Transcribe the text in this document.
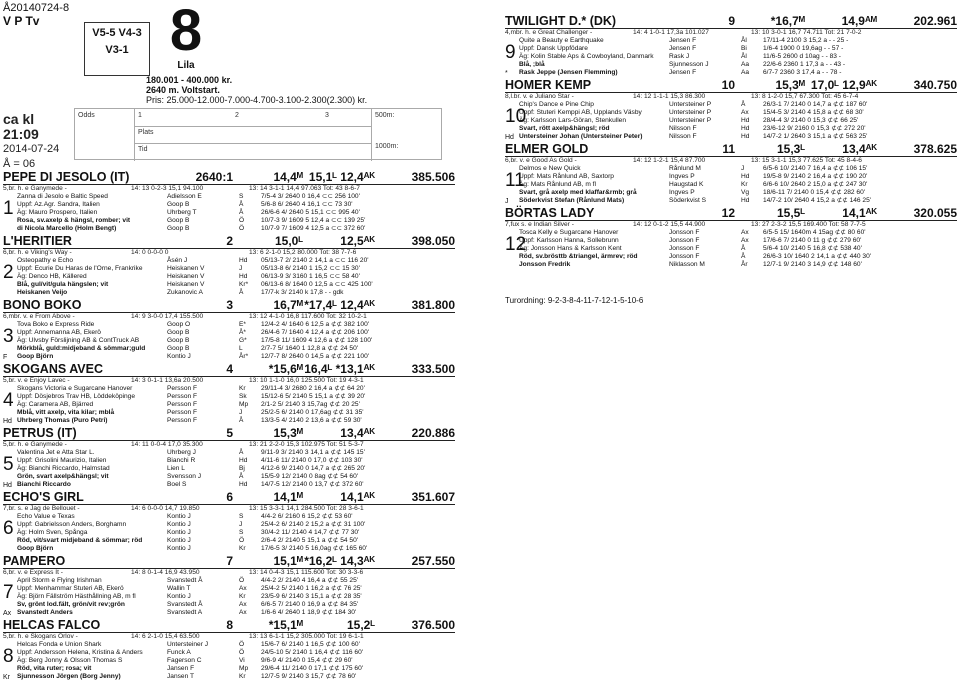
Å20140724-8
V P Tv
V5-5 V4-3
V3-1 8
Lila
180.001 - 400.000 kr.
2640 m. Voltstart.
Pris: 25.000-12.000-7.000-4.700-3.100-2.300(2.300) kr.
ca kl 21:09
2014-07-24
Å = 06
Odds	1
Plats
Tid
2	3	500m:
1000m:
PEPE DI JESOLO (IT)	2640:1	14,4ᴹ 15,1ᴸ 12,4ᴬᴷ	385.506
5,br. h. e Ganymede -	14: 13 0-2-3 15,1 94.100	13: 14 3-1-1 14,4 97.063 Tot: 43 8-6-7
1
Zanna di Jesolo e Baltic Speed	Adielsson E	S	7/5-4 3/ 2640 0 16,4 ⊂⊂ 256 100'
Uppf: Az.Agr. Sandra, Italien	Goop B	Å	5/6-8 6/ 2640 4 16,1 ⊂⊂ 73 30'
Äg: Mauro Prospero, Italien	Uhrberg T	Å	26/6-6 4/ 2640 5 15,1 ⊂⊂ 995 40'
Rosa, sv.axelp & hängsl, romber; vit	Goop B	Ö	10/7-3 9/ 1609 5 12,4 a ⊂⊂ 139 25'
di Nicola Marcello (Holm Bengt)	Goop B	Ö	10/7-9 7/ 1609 4 12,5 a ⊂⊂ 372 60'
L'HERITIER	2	15,0ᴸ	12,5ᴬᴷ	398.050
6,br. h. e Viking's Way -	14: 0 0-0-0 0	13: 6 2-1-0 15,2 80.000 Tot: 38 7-7-6
2
Osteopathy e Echo	Åsén J	Hd	05/13-7 2/ 2140 2 14,1 a ⊂⊂ 116 20'
Uppf: Ecurie Du Haras de l'Orne, Frankrike	Heiskanen V	J	05/13-8 6/ 2140 1 15,2 ⊂⊂ 15 30'
Äg: Denco HB, Källered	Heiskanen V	Hd	06/13-9 3/ 3160 1 16,5 ⊂⊂ 58 40'
Blå, gul/vit/gula hängslen; vit	Heiskanen V	Kr*	06/13-6 8/ 1640 0 12,5 a ⊂⊂ 425 100'
Heiskanen Veijo	Zukanovic A	Å	17/7-k 3/ 2140 k 17,8 - - gdk
BONO BOKO	3	16,7ᴹ *17,4ᴸ 12,4ᴬᴷ	381.800
6,mbr. v. e From Above -	14: 9 3-0-0 17,4 155.500	13: 12 4-1-0 16,8 117.600 Tot: 32 10-2-1
3
F
Tova Boko e Express Ride	Goop O	E*	12/4-2 4/ 1640 6 12,5 a ⊄⊄ 382 100'
Uppf: Annemanna AB, Ekerö	Goop B	Å*	26/4-6 7/ 1640 4 12,4 a ⊄⊄ 206 100'
Äg: Ulvsby Förslijning AB & ContTruck AB	Goop B	G*	17/5-8 11/ 1609 4 12,6 a ⊄⊄ 128 100'
Mörkblå, guld:midjeband & sömmar;guld	Goop B	L	2/7-7 5/ 1640 1 12,8 a ⊄⊄ 24 50'
Goop Björn	Kontio J	År*	12/7-7 8/ 2640 0 14,5 a ⊄⊄ 221 100'
SKOGANS AVEC	4	*15,6ᴹ 16,4ᴸ *13,1ᴬᴷ	333.500
5,br. v. e Enjoy Lavec -	14: 3 0-1-1 13,6a 20.500	13: 10 1-1-0 16,0 125.500 Tot: 19 4-3-1
4
Hd
Skogans Victoria e Sugarcane Hanover	Persson F	Kr	29/11-4 3/ 2680 2 16,4 a ⊄⊄ 64 20'
Uppf: Dösjebros Trav HB, Löddeköpinge	Persson F	Sk	15/12-6 5/ 2140 5 15,1 a ⊄⊄ 39 20'
Äg: Caramera AB, Bjärred	Persson F	Mp	2/1-2 5/ 2140 3 15,7ag ⊄⊄ 20 25'
Mblå, vitt axelp, vita kilar; mblå	Persson F	J	25/2-5 6/ 2140 0 17,6ag ⊄⊄ 31 35'
Uhrberg Thomas (Puro Petri)	Persson F	Å	13/3-5 4/ 2140 2 13,6 a ⊄⊄ 59 30'
PETRUS (IT)	5	15,3ᴹ	13,4ᴬᴷ	220.886
5,br. h. e Ganymede -	14: 11 0-0-4 17,0 35.300	13: 21 2-2-0 15,3 102.975 Tot: 51 5-3-7
5
Hd
Valentina Jet e Atta Star L.	Uhrberg J	Å	9/11-9 3/ 2140 3 14,1 a ⊄⊄ 145 15'
Uppf: Grisolini Maurizio, Italien	Bianchi R	Hd	4/11-6 11/ 2140 0 17,0 ⊄⊄ 103 30'
Äg: Bianchi Riccardo, Halmstad	Lien L	Bj	4/12-6 9/ 2140 0 14,7 a ⊄⊄ 265 20'
Grön, svart axelp&hängsl; vit	Svensson J	Å	15/5-9 12/ 2140 0 8ag ⊄⊄ 54 60'
Bianchi Riccardo	Boel S	Hd	14/7-5 12/ 2140 0 13,7 ⊄⊄ 372 60'
ECHO'S GIRL	6	14,1ᴹ	14,1ᴬᴷ	351.607
7,br. s. e Jag de Bellouet -	14: 6 0-0-0 14,7 19.850	13: 15 3-3-1 14,1 284.500 Tot: 28 3-6-1
6
Echo Value e Texas	Kontio J	S	4/4-2 6/ 2160 6 15,2 ⊄⊄ 53 60'
Uppf: Gabrielsson Anders, Borghamn	Kontio J	J	25/4-2 6/ 2140 2 15,2 a ⊄⊄ 31 100'
Äg: Holm Sven, Spånga	Kontio J	S	30/4-2 11/ 2140 4 14,7 ⊄⊄ 77 30'
Röd, vit/svart midjeband & sömmar; röd	Kontio J	Ö	2/6-4 2/ 2140 5 15,1 a ⊄⊄ 54 50'
Goop Björn	Kontio J	Kr	17/6-5 3/ 2140 5 16,0ag ⊄⊄ 165 60'
PAMPERO	7	15,1ᴹ *16,2ᴸ 14,3ᴬᴷ	257.550
6,br. v. e Express It -	14: 8 0-1-4 16,9 43.950	13: 14 0-4-3 15,1 115.600 Tot: 30 3-3-6
7
Ax
April Storm e Flying Irishman	Svanstedt Å	Ö	4/4-2 2/ 2140 4 16,4 a ⊄⊄ 55 25'
Uppf: Menhammar Stuteri AB, Ekerö	Wallin T	Ax	25/4-2 5/ 2140 1 16,2 a ⊄⊄ 76 25'
Äg: Björn Fällström Hästhållning AB, m fl	Kontio J	Kr	23/5-9 6/ 2140 3 15,1 a ⊄⊄ 28 35'
Sv, grönt lod.fält, grön/vit rev;grön	Svanstedt Å	Ax	6/6-5 7/ 2140 0 16,9 a ⊄⊄ 84 35'
Svanstedt Anders	Svanstedt A	Ax	1/6-6 4/ 2640 1 18,9 ⊄⊄ 184 30'
HELCAS FALCO	8	*15,1ᴹ	15,2ᴸ	376.500
5,br. h. e Skogans Orlov -	14: 6 2-1-0 15,4 63.500	13: 13 6-1-1 15,2 305.000 Tot: 19 6-1-1
8
Kr
Helcas Fonda e Union Shark	Untersteiner J	Ö	15/6-7 6/ 2140 1 16,5 ⊄⊄ 100 60'
Uppf: Andersson Helena, Kristina & Anders	Funck A	Ö	24/5-10 5/ 2140 1 16,4 ⊄⊄ 116 60'
Äg: Berg Jonny & Olsson Thomas S	Fagerson C	Vi	9/6-9 4/ 2140 0 15,4 ⊄⊄ 29 60'
Röd, vita ruter; rosa; vit	Jansen F	Mp	29/6-4 11/ 2140 0 17,1 ⊄⊄ 175 60'
Sjunnesson Jörgen (Borg Jenny)	Jansen T	Kr	12/7-5 9/ 2140 3 15,7 ⊄⊄ 78 60'
TWILIGHT D.* (DK)	9	*16,7ᴹ	14,9ᴬᴹ	202.961
4,mbr. h. e Great Challenger -	14: 4 1-0-1 17,3a 101.027	13: 10 3-0-1 16,7 74.711 Tot: 21 7-0-2
9
*
Quite a Beauty e Earthquake	Jensen F	Ål	17/11-4 2100 3 15,2 a - - 25 -
Uppf: Dansk Uppfödare	Jensen F	Bi	1/6-4 1900 0 19,6ag - - 57 -
Äg: Kolin Stable Aps & Cowboyland, Danmark	Rask J	Ål	11/6-5 2600 d 10ag - - 83 -
Blå, ;blå	Sjunnesson J	Aa	22/6-6 2360 1 17,3 a - - 43 -
Rask Jeppe (Jensen Flemming)	Jensen F	Aa	6/7-7 2360 3 17,4 a - - 78 -
HOMER KEMP	10	15,3ᴹ 17,0ᴸ 12,9ᴬᴷ	340.750
8,l.br. v. e Juliano Star -	14: 12 1-1-1 15,3 86.300	13: 8 1-2-0 15,7 67.300 Tot: 45 6-7-4
10
Hd
Chip's Dance e Pine Chip	Untersteiner P	Å	26/3-1 7/ 2140 0 14,7 a ⊄⊄ 187 60'
Uppf: Stuteri Kemppi AB, Upplands Väsby	Untersteiner P	Ax	15/4-5 3/ 2140 4 15,8 a ⊄⊄ 68 30'
Äg: Karlsson Lars-Göran, Stenkullen	Untersteiner P	Hd	28/4-4 3/ 2140 0 15,3 ⊄⊄ 66 25'
Svart, rött axelp&hängsl; röd	Nilsson F	Hd	23/6-12 9/ 2160 0 15,3 ⊄⊄ 272 20'
Untersteiner Johan (Untersteiner Peter)	Nilsson F	Hd	14/7-2 1/ 2640 3 15,1 a ⊄⊄ 563 25'
ELMER GOLD	11	15,3ᴸ	13,4ᴬᴷ	378.625
6,br. v. e Good As Gold -	14: 12 1-2-1 15,4 87.700	13: 15 3-1-1 15,3 77.625 Tot: 45 8-4-6
11
J
Delmos e New Quick	Rånlund M	J	6/5-6 10/ 2140 7 16,4 a ⊄⊄ 106 15'
Uppf: Mats Rånlund AB, Saxtorp	Ingves P	Hd	19/5-8 9/ 2140 2 16,4 a ⊄⊄ 190 20'
Äg: Mats Rånlund AB, m fl	Haugstad K	Kr	6/6-6 10/ 2640 2 15,0 a ⊄⊄ 247 30'
Svart, grå axelp med klaffar&rmb; grå	Ingves P	Vg	18/6-11 7/ 2140 0 15,4 ⊄⊄ 282 60'
Söderkvist Stefan (Rånlund Mats)	Söderkvist S	Hd	14/7-2 10/ 2640 4 15,2 a ⊄⊄ 146 25'
BÖRTAS LADY	12	15,5ᴸ	14,1ᴬᴷ	320.055
7,fux s. e Indian Silver -	14: 12 0-1-2 15,5 44.900	13: 27 2-3-2 15,5 169.400 Tot: 58 7-7-5
12
Tosca Kelly e Sugarcane Hanover	Jonsson F	Ax	6/5-5 15/ 1640m 4 15ag ⊄⊄ 80 60'
Uppf: Karlsson Hanna, Sollebrunn	Jonsson F	Ax	17/6-6 7/ 2140 0 11 g ⊄⊄ 279 60'
Äg: Jonsson Hans & Karlsson Kent	Jonsson F	Å	5/6-4 10/ 2140 5 16,8 ⊄⊄ 538 40'
Röd, sv.brösttb &triangel, ärmrev; röd	Jonsson F	Å	26/6-3 10/ 1640 2 14,1 a ⊄⊄ 440 30'
Jonsson Fredrik	Niklasson M	År	12/7-1 9/ 2140 3 14,9 ⊄⊄ 148 60'
Turordning: 9-2-3-8-4-11-7-12-1-5-10-6
